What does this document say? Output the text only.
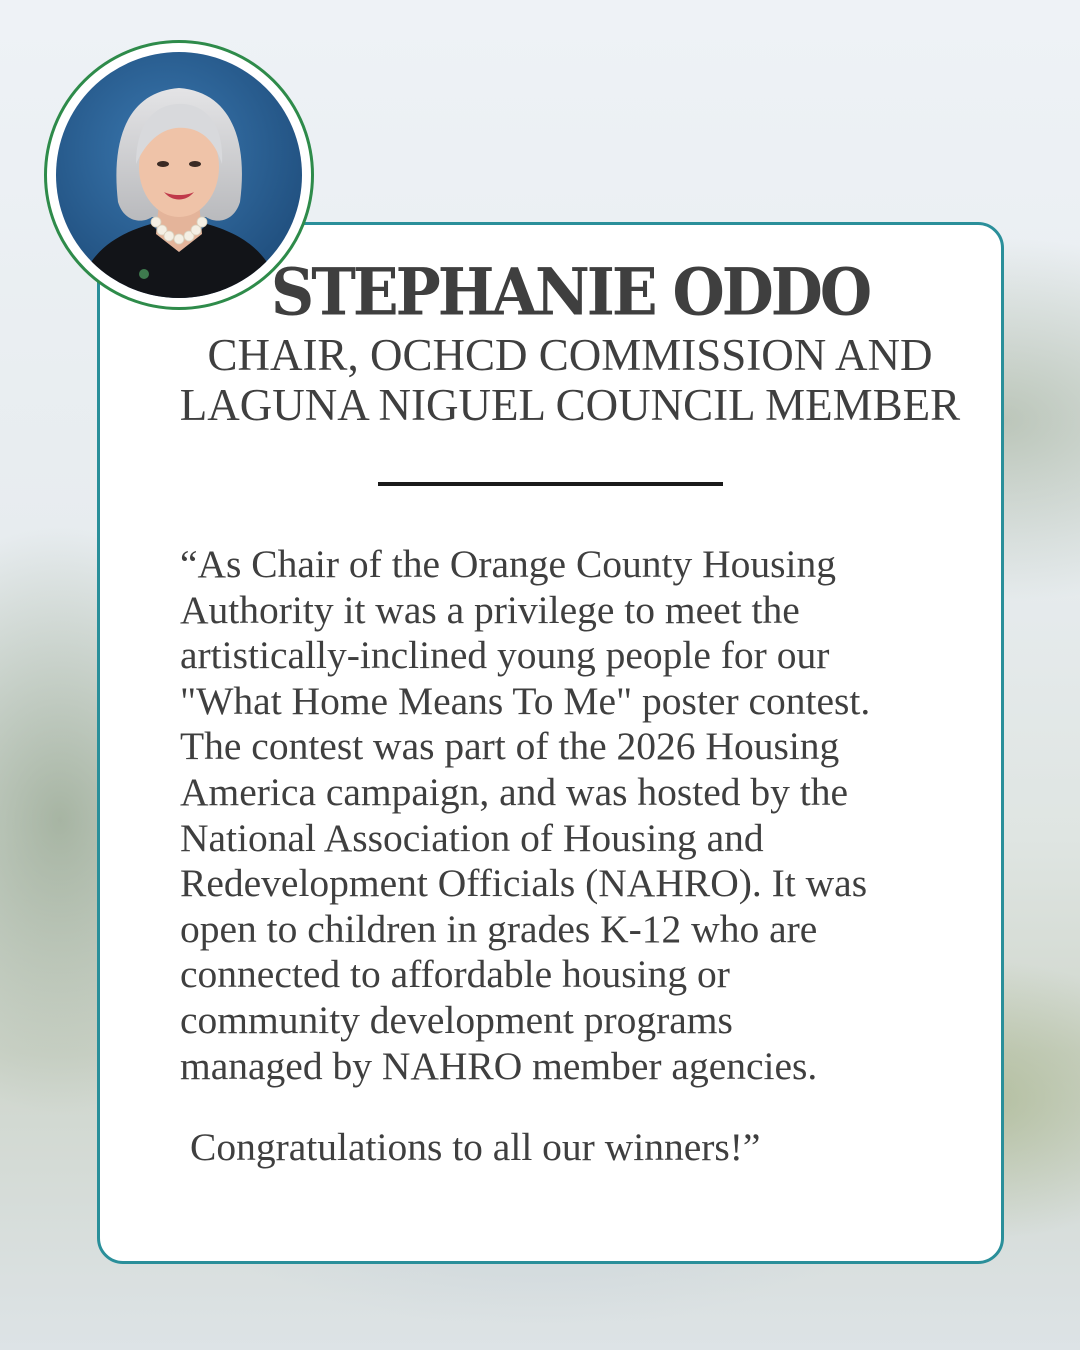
STEPHANIE ODDO
CHAIR, OCHCD COMMISSION AND
LAGUNA NIGUEL COUNCIL MEMBER
“As Chair of the Orange County Housing
Authority it was a privilege to meet the
artistically-inclined young people for our
"What Home Means To Me" poster contest.
The contest was part of the 2026 Housing
America campaign, and was hosted by the
National Association of Housing and
Redevelopment Officials (NAHRO). It was
open to children in grades K-12 who are
connected to affordable housing or
community development programs
managed by NAHRO member agencies.
Congratulations to all our winners!”
